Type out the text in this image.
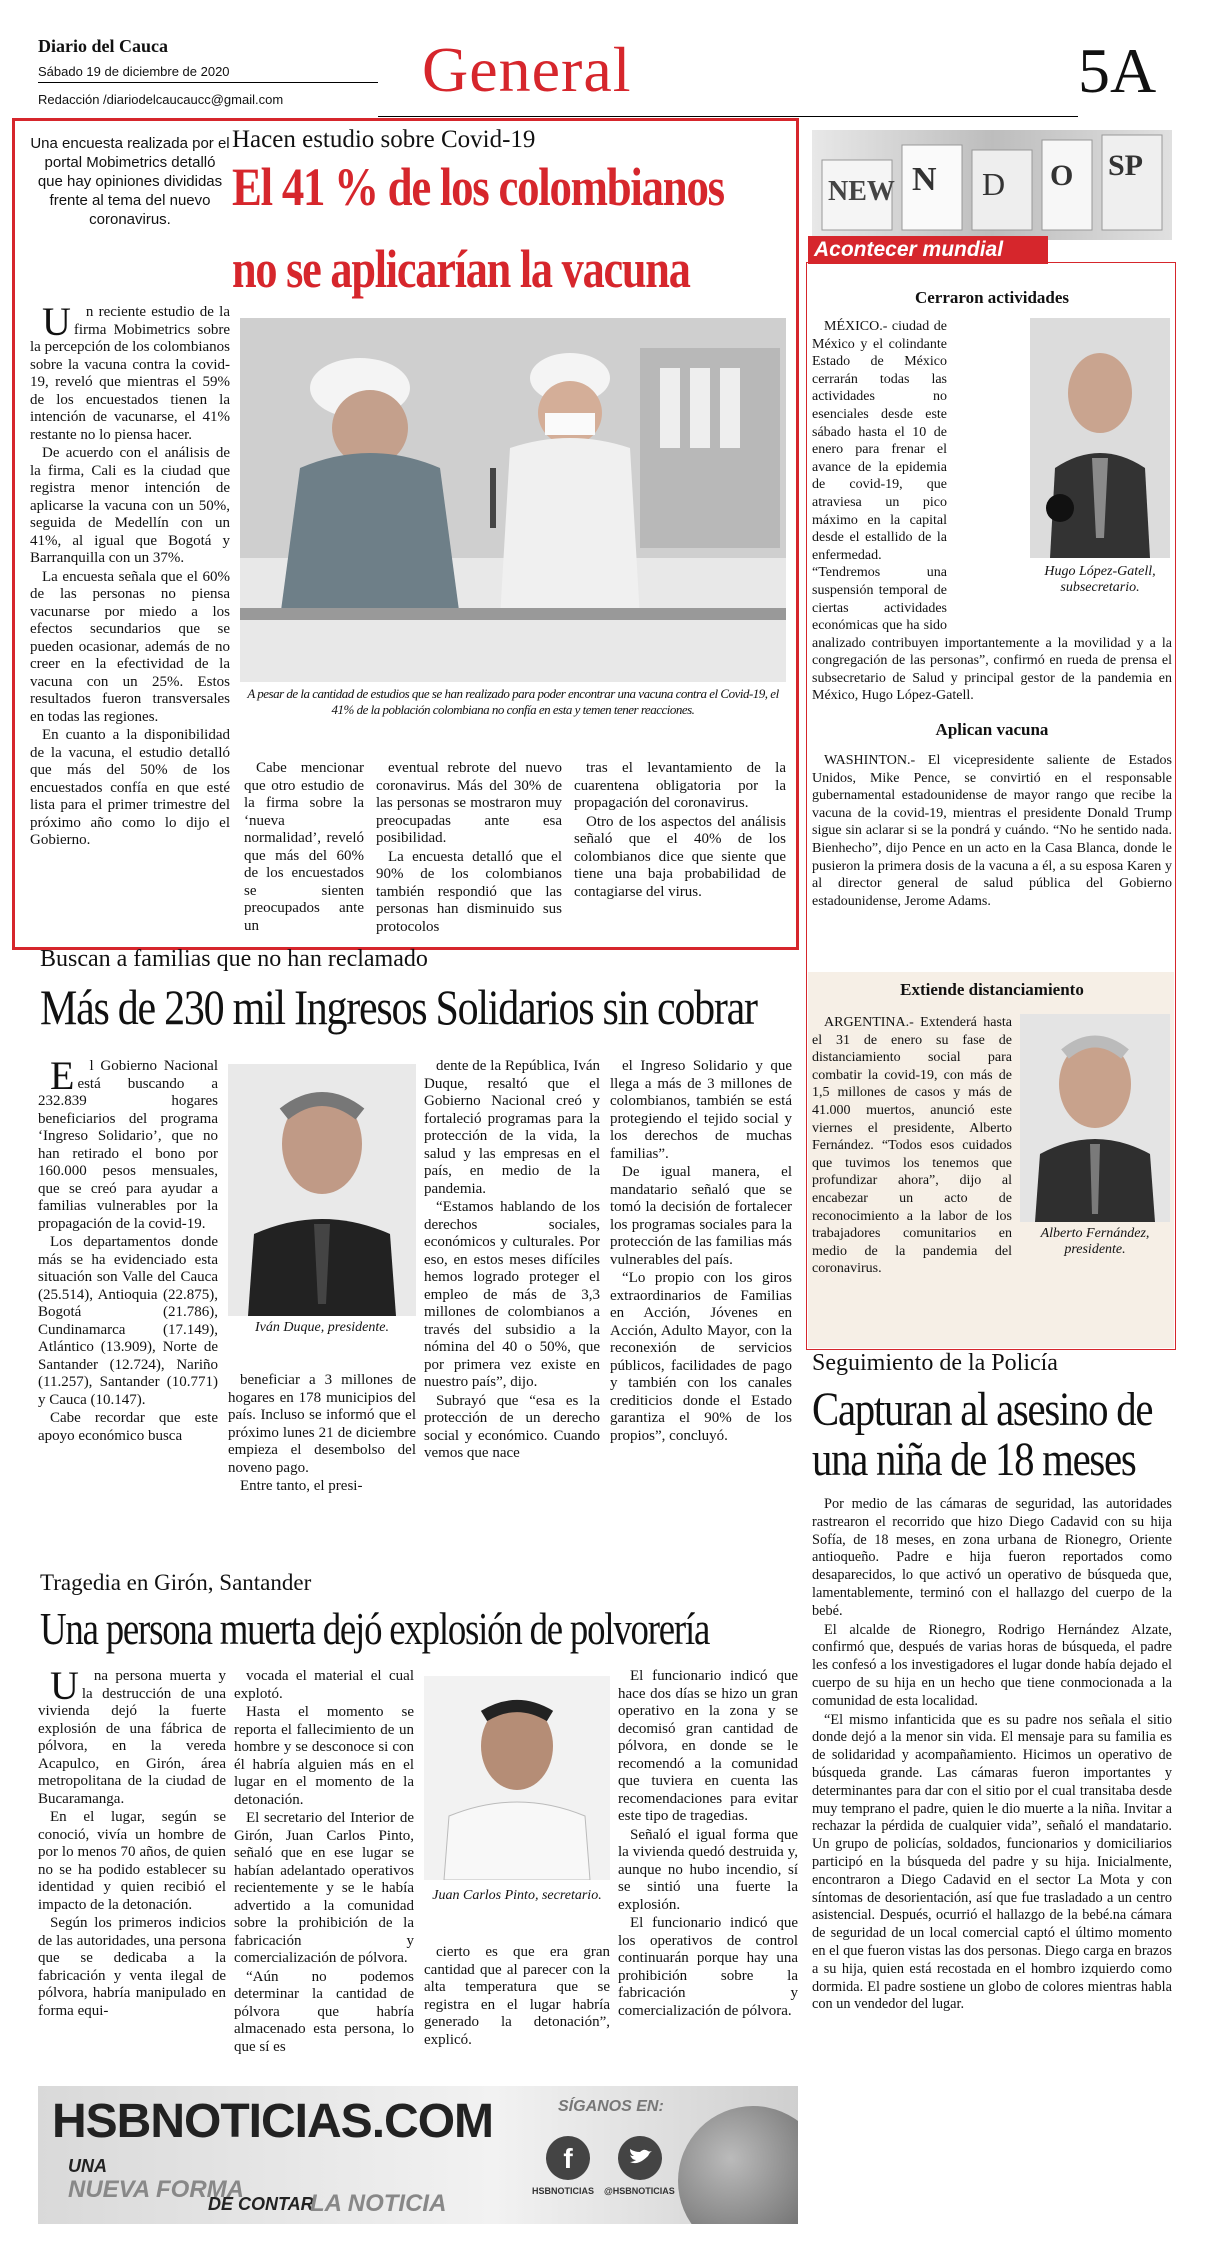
Diario del Cauca
Sábado 19 de diciembre de 2020
Redacción /diariodelcaucaucc@gmail.com General	5A
Una encuesta realizada por el portal Mobimetrics detalló que hay opiniones divididas frente al tema del nuevo coronavirus.
Hacen estudio sobre Covid-19
El 41 % de los colombianos
no se aplicarían la vacuna
A pesar de la cantidad de estudios que se han realizado para poder encontrar una vacuna contra el Covid-19, el 41% de la población colombiana no confía en esta y temen tener reacciones.

Un reciente estudio de la firma Mobimetrics sobre la percepción de los colombianos sobre la vacuna contra la covid-19, reveló que mientras el 59% de los encuestados tienen la intención de vacunarse, el 41% restante no lo piensa hacer.

De acuerdo con el análisis de la firma, Cali es la ciudad que registra menor intención de aplicarse la vacuna con un 50%, seguida de Medellín con un 41%, al igual que Bogotá y Barranquilla con un 37%.

La encuesta señala que el 60% de las personas no piensa vacunarse por miedo a los efectos secundarios que se pueden ocasionar, además de no creer en la efectividad de la vacuna con un 25%. Estos resultados fueron transversales en todas las regiones.

En cuanto a la disponibilidad de la vacuna, el estudio detalló que más del 50% de los encuestados confía en que esté lista para el primer trimestre del próximo año como lo dijo el Gobierno.

Cabe mencionar que otro estudio de la firma sobre la ‘nueva normalidad’, reveló que más del 60% de los encuestados se sienten preocupados ante un

eventual rebrote del nuevo coronavirus. Más del 30% de las personas se mostraron muy preocupadas ante esa posibilidad.

La encuesta detalló que el 90% de los colombianos también respondió que las personas han disminuido sus protocolos

tras el levantamiento de la cuarentena obligatoria por la propagación del coronavirus.

Otro de los aspectos del análisis señaló que el 40% de los colombianos dice que siente que tiene una baja probabilidad de contagiarse del virus.

NEW N D O SP
Acontecer mundial
Cerraron actividades
Hugo López-Gatell, subsecretario.

MÉXICO.- ciudad de México y el colindante Estado de México cerrarán todas las actividades no esenciales desde este sábado hasta el 10 de enero para frenar el avance de la epidemia de covid-19, que atraviesa un pico máximo en la capital desde el estallido de la enfermedad. “Tendremos una suspensión temporal de ciertas actividades económicas que ha sido analizado contribuyen importantemente a la movilidad y a la congregación de las personas”, confirmó en rueda de prensa el subsecretario de Salud y principal gestor de la pandemia en México, Hugo López-Gatell.

Aplican vacuna

WASHINTON.- El vicepresidente saliente de Estados Unidos, Mike Pence, se convirtió en el responsable gubernamental estadounidense de mayor rango que recibe la vacuna de la covid-19, mientras el presidente Donald Trump sigue sin aclarar si se la pondrá y cuándo. “No he sentido nada. Bienhecho”, dijo Pence en un acto en la Casa Blanca, donde le pusieron la primera dosis de la vacuna a él, a su esposa Karen y al director general de salud pública del Gobierno estadounidense, Jerome Adams.

Extiende distanciamiento
Alberto Fernández, presidente.

ARGENTINA.- Extenderá hasta el 31 de enero su fase de distanciamiento social para combatir la covid-19, con más de 1,5 millones de casos y más de 41.000 muertos, anunció este viernes el presidente, Alberto Fernández. “Todos esos cuidados que tuvimos los tenemos que profundizar ahora”, dijo al encabezar un acto de reconocimiento a la labor de los trabajadores comunitarios en medio de la pandemia del coronavirus.

Buscan a familias que no han reclamado
Más de 230 mil Ingresos Solidarios sin cobrar
Iván Duque, presidente.

El Gobierno Nacional está buscando a 232.839 hogares beneficiarios del programa ‘Ingreso Solidario’, que no han retirado el bono por 160.000 pesos mensuales, que se creó para ayudar a familias vulnerables por la propagación de la covid-19.

Los departamentos donde más se ha evidenciado esta situación son Valle del Cauca (25.514), Antioquia (22.875), Bogotá (21.786), Cundinamarca (17.149), Atlántico (13.909), Norte de Santander (12.724), Nariño (11.257), Santander (10.771) y Cauca (10.147).

Cabe recordar que este apoyo económico busca

beneficiar a 3 millones de hogares en 178 municipios del país. Incluso se informó que el próximo lunes 21 de diciembre empieza el desembolso del noveno pago.

Entre tanto, el presi-

dente de la República, Iván Duque, resaltó que el Gobierno Nacional creó y fortaleció programas para la protección de la vida, la salud y las empresas en el país, en medio de la pandemia.

“Estamos hablando de los derechos sociales, económicos y culturales. Por eso, en estos meses difíciles hemos logrado proteger el empleo de más de 3,3 millones de colombianos a través del subsidio a la nómina del 40 o 50%, que por primera vez existe en nuestro país”, dijo.

Subrayó que “esa es la protección de un derecho social y económico. Cuando vemos que nace

el Ingreso Solidario y que llega a más de 3 millones de colombianos, también se está protegiendo el tejido social y los derechos de muchas familias”.

De igual manera, el mandatario señaló que se tomó la decisión de fortalecer los programas sociales para la protección de las familias más vulnerables del país.

“Lo propio con los giros extraordinarios de Familias en Acción, Jóvenes en Acción, Adulto Mayor, con la reconexión de servicios públicos, facilidades de pago y también con los canales crediticios donde el Estado garantiza el 90% de los propios”, concluyó.

Seguimiento de la Policía
Capturan al asesino de
una niña de 18 meses

Por medio de las cámaras de seguridad, las autoridades rastrearon el recorrido que hizo Diego Cadavid con su hija Sofía, de 18 meses, en zona urbana de Rionegro, Oriente antioqueño. Padre e hija fueron reportados como desaparecidos, lo que activó un operativo de búsqueda que, lamentablemente, terminó con el hallazgo del cuerpo de la bebé.

El alcalde de Rionegro, Rodrigo Hernández Alzate, confirmó que, después de varias horas de búsqueda, el padre les confesó a los investigadores el lugar donde había dejado el cuerpo de su hija en un hecho que tiene conmocionada a la comunidad de esta localidad.

“El mismo infanticida que es su padre nos señala el sitio donde dejó a la menor sin vida. El mensaje para su familia es de solidaridad y acompañamiento. Hicimos un operativo de búsqueda grande. Las cámaras fueron importantes y determinantes para dar con el sitio por el cual transitaba desde muy temprano el padre, quien le dio muerte a la niña. Invitar a rechazar la pérdida de cualquier vida”, señaló el mandatario. Un grupo de policías, soldados, funcionarios y domiciliarios participó en la búsqueda del padre y su hija. Inicialmente, encontraron a Diego Cadavid en el sector La Mota y con síntomas de desorientación, así que fue trasladado a un centro asistencial. Después, ocurrió el hallazgo de la bebé.na cámara de seguridad de un local comercial captó el último momento en el que fueron vistas las dos personas. Diego carga en brazos a su hija, quien está recostada en el hombro izquierdo como dormida. El padre sostiene un globo de colores mientras habla con un vendedor del lugar.

Tragedia en Girón, Santander
Una persona muerta dejó explosión de polvorería
Juan Carlos Pinto, secretario.

Una persona muerta y la destrucción de una vivienda dejó la fuerte explosión de una fábrica de pólvora, en la vereda Acapulco, en Girón, área metropolitana de la ciudad de Bucaramanga.

En el lugar, según se conoció, vivía un hombre de por lo menos 70 años, de quien no se ha podido establecer su identidad y quien recibió el impacto de la detonación.

Según los primeros indicios de las autoridades, una persona que se dedicaba a la fabricación y venta ilegal de pólvora, habría manipulado en forma equi-

vocada el material el cual explotó.

Hasta el momento se reporta el fallecimiento de un hombre y se desconoce si con él habría alguien más en el lugar en el momento de la detonación.

El secretario del Interior de Girón, Juan Carlos Pinto, señaló que en ese lugar se habían adelantado operativos recientemente y se le había advertido a la comunidad sobre la prohibición de la fabricación y comercialización de pólvora.

“Aún no podemos determinar la cantidad de pólvora que habría almacenado esta persona, lo que sí es

cierto es que era gran cantidad que al parecer con la alta temperatura que se registra en el lugar habría generado la detonación”, explicó.

El funcionario indicó que hace dos días se hizo un gran operativo en la zona y se decomisó gran cantidad de pólvora, en donde se le recomendó a la comunidad que tuviera en cuenta las recomendaciones para evitar este tipo de tragedias.

Señaló el igual forma que la vivienda quedó destruida y, aunque no hubo incendio, sí se sintió una fuerte la explosión.

El funcionario indicó que los operativos de control continuarán porque hay una prohibición sobre la fabricación y comercialización de pólvora.

HSBNOTICIAS.COM
UNA
NUEVA FORMA
DE CONTAR
LA NOTICIA
SÍGANOS EN:
f
HSBNOTICIAS @HSBNOTICIAS
